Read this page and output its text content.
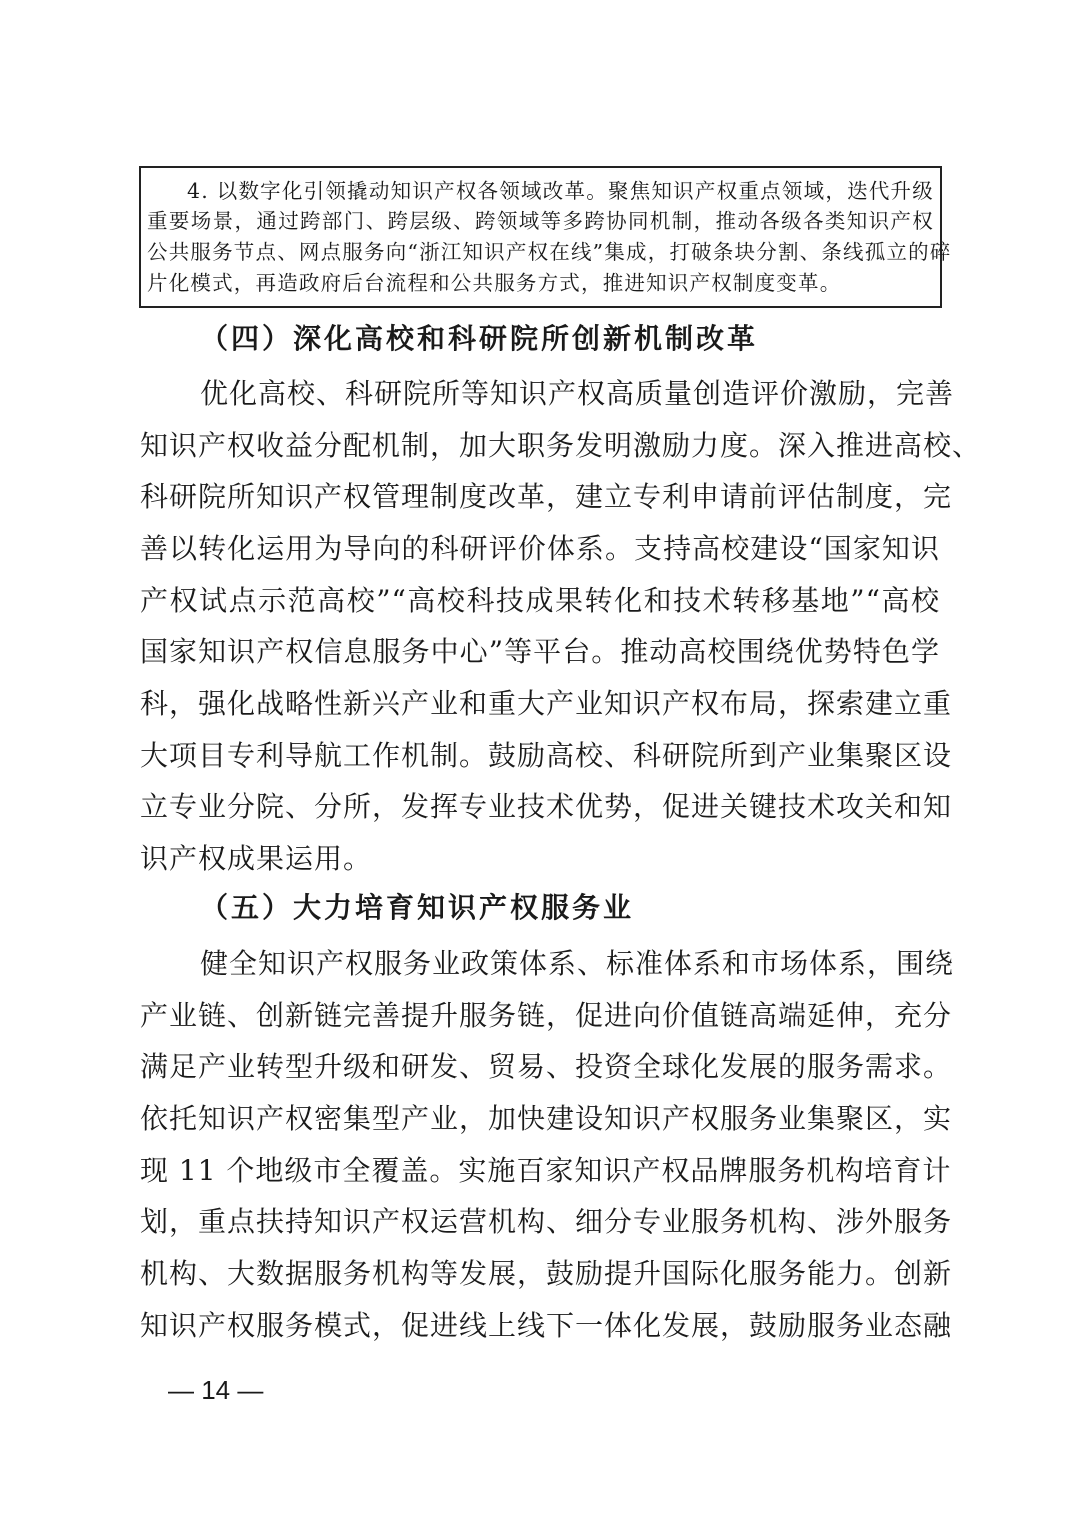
4. 以数字化引领撬动知识产权各领域改革。聚焦知识产权重点领域，迭代升级
重要场景，通过跨部门、跨层级、跨领域等多跨协同机制，推动各级各类知识产权
公共服务节点、网点服务向“浙江知识产权在线”集成，打破条块分割、条线孤立的碎
片化模式，再造政府后台流程和公共服务方式，推进知识产权制度变革。
（四）深化高校和科研院所创新机制改革
优化高校、科研院所等知识产权高质量创造评价激励，完善
知识产权收益分配机制，加大职务发明激励力度。深入推进高校、
科研院所知识产权管理制度改革，建立专利申请前评估制度，完
善以转化运用为导向的科研评价体系。支持高校建设“国家知识
产权试点示范高校”“高校科技成果转化和技术转移基地”“高校
国家知识产权信息服务中心”等平台。推动高校围绕优势特色学
科，强化战略性新兴产业和重大产业知识产权布局，探索建立重
大项目专利导航工作机制。鼓励高校、科研院所到产业集聚区设
立专业分院、分所，发挥专业技术优势，促进关键技术攻关和知
识产权成果运用。
（五）大力培育知识产权服务业
健全知识产权服务业政策体系、标准体系和市场体系，围绕
产业链、创新链完善提升服务链，促进向价值链高端延伸，充分
满足产业转型升级和研发、贸易、投资全球化发展的服务需求。
依托知识产权密集型产业，加快建设知识产权服务业集聚区，实
现 11 个地级市全覆盖。实施百家知识产权品牌服务机构培育计
划，重点扶持知识产权运营机构、细分专业服务机构、涉外服务
机构、大数据服务机构等发展，鼓励提升国际化服务能力。创新
知识产权服务模式，促进线上线下一体化发展，鼓励服务业态融
— 14 —
